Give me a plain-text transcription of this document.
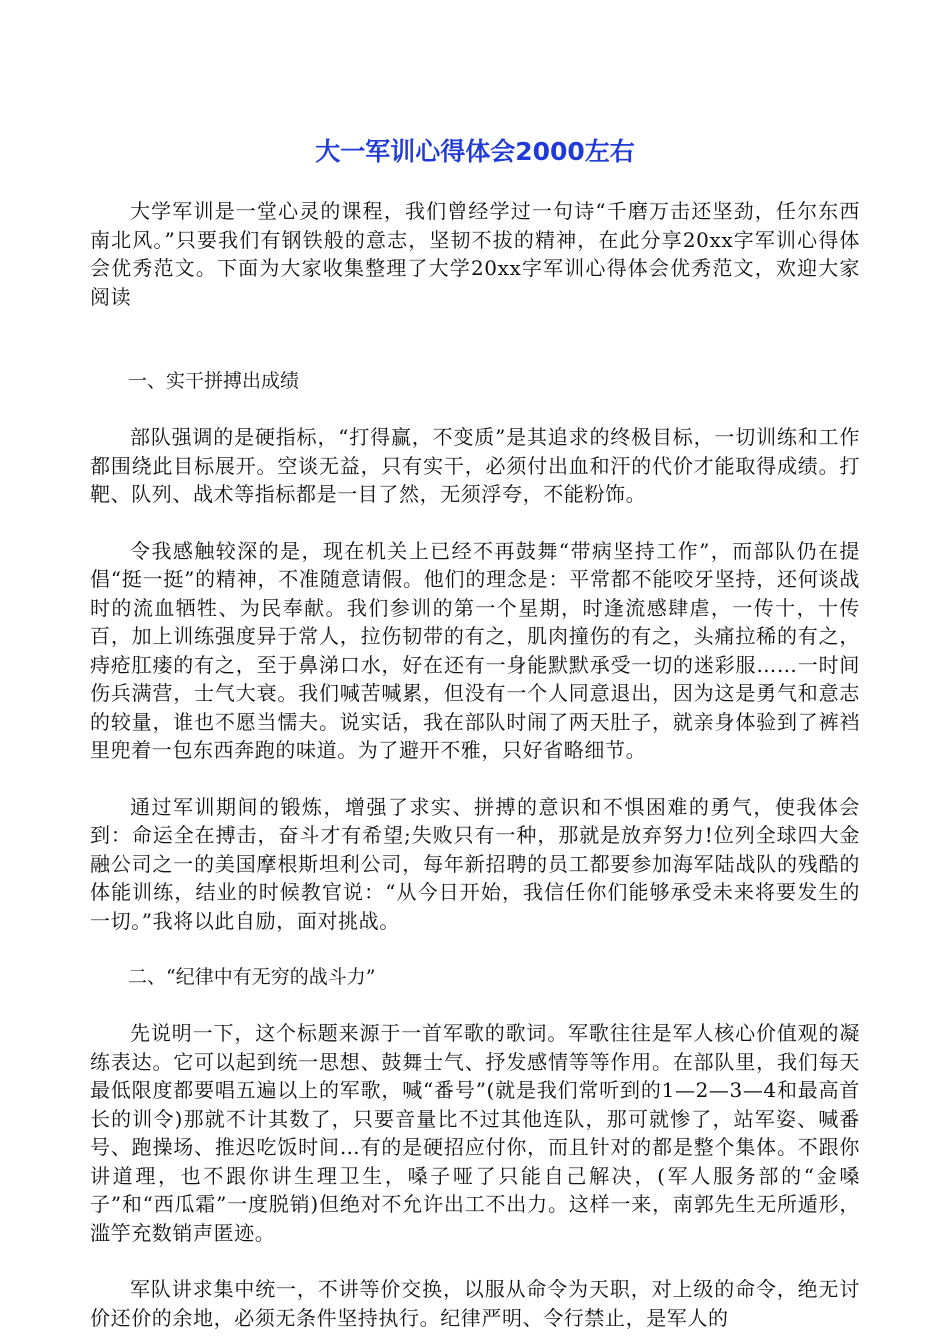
大一军训心得体会2000左右

大学军训是一堂心灵的课程，我们曾经学过一句诗“千磨万击还坚劲，任尔东西南北风。”只要我们有钢铁般的意志，坚韧不拔的精神，在此分享20xx字军训心得体会优秀范文。下面为大家收集整理了大学20xx字军训心得体会优秀范文，欢迎大家阅读

一、实干拼搏出成绩

部队强调的是硬指标，“打得赢，不变质”是其追求的终极目标，一切训练和工作都围绕此目标展开。空谈无益，只有实干，必须付出血和汗的代价才能取得成绩。打靶、队列、战术等指标都是一目了然，无须浮夸，不能粉饰。

令我感触较深的是，现在机关上已经不再鼓舞“带病坚持工作”，而部队仍在提倡“挺一挺”的精神，不准随意请假。他们的理念是：平常都不能咬牙坚持，还何谈战时的流血牺牲、为民奉献。我们参训的第一个星期，时逢流感肆虐，一传十，十传百，加上训练强度异于常人，拉伤韧带的有之，肌肉撞伤的有之，头痛拉稀的有之，痔疮肛瘘的有之，至于鼻涕口水，好在还有一身能默默承受一切的迷彩服……一时间伤兵满营，士气大衰。我们喊苦喊累，但没有一个人同意退出，因为这是勇气和意志的较量，谁也不愿当懦夫。说实话，我在部队时闹了两天肚子，就亲身体验到了裤裆里兜着一包东西奔跑的味道。为了避开不雅，只好省略细节。

通过军训期间的锻炼，增强了求实、拼搏的意识和不惧困难的勇气，使我体会到：命运全在搏击，奋斗才有希望;失败只有一种，那就是放弃努力!位列全球四大金融公司之一的美国摩根斯坦利公司，每年新招聘的员工都要参加海军陆战队的残酷的体能训练，结业的时候教官说：“从今日开始，我信任你们能够承受未来将要发生的一切。”我将以此自励，面对挑战。

二、“纪律中有无穷的战斗力”

先说明一下，这个标题来源于一首军歌的歌词。军歌往往是军人核心价值观的凝练表达。它可以起到统一思想、鼓舞士气、抒发感情等等作用。在部队里，我们每天最低限度都要唱五遍以上的军歌，喊“番号”(就是我们常听到的1—2—3—4和最高首长的训令)那就不计其数了，只要音量比不过其他连队，那可就惨了，站军姿、喊番号、跑操场、推迟吃饭时间…有的是硬招应付你，而且针对的都是整个集体。不跟你讲道理，也不跟你讲生理卫生，嗓子哑了只能自己解决，(军人服务部的“金嗓子”和“西瓜霜”一度脱销)但绝对不允许出工不出力。这样一来，南郭先生无所遁形，滥竽充数销声匿迹。

军队讲求集中统一，不讲等价交换，以服从命令为天职，对上级的命令，绝无讨价还价的余地，必须无条件坚持执行。纪律严明、令行禁止，是军人的
